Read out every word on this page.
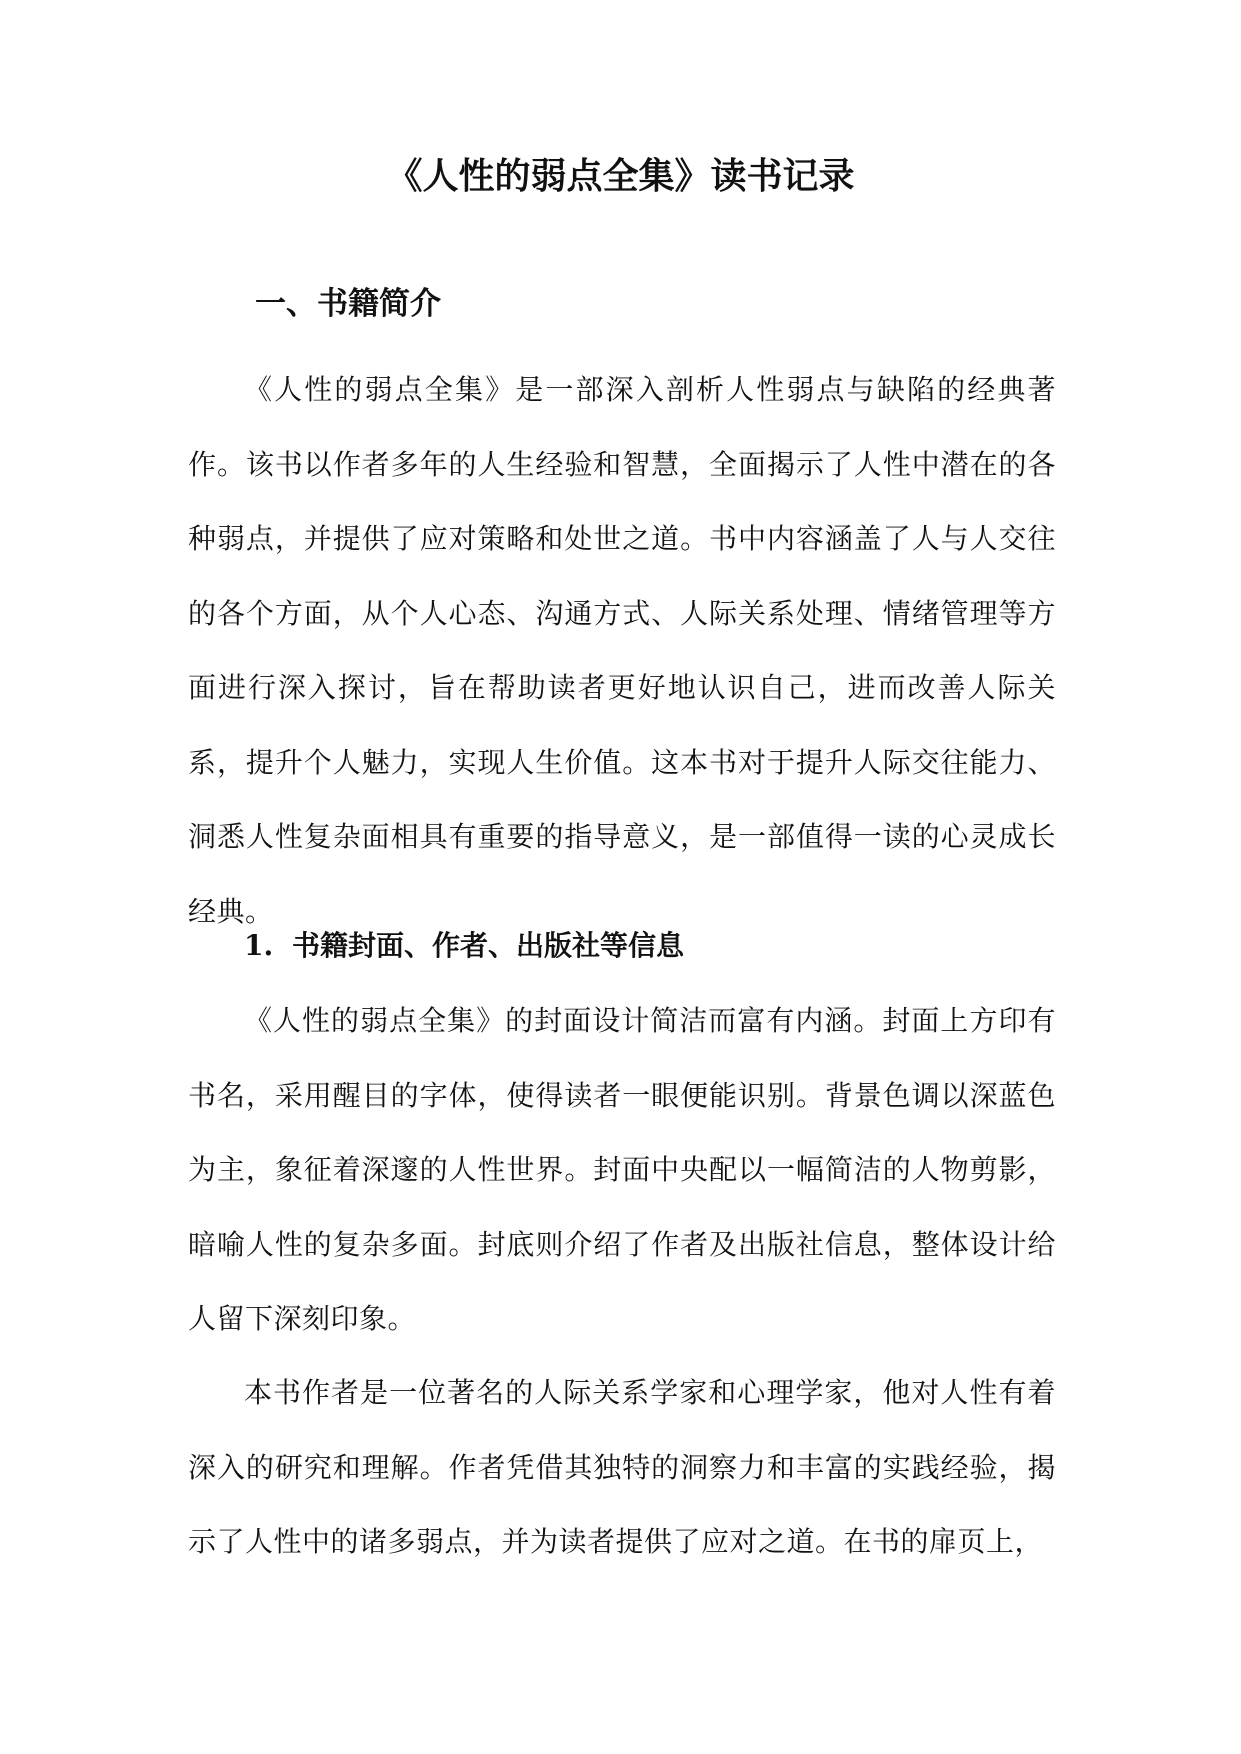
《人性的弱点全集》读书记录
一、书籍简介

《人性的弱点全集》是一部深入剖析人性弱点与缺陷的经典著作。该书以作者多年的人生经验和智慧，全面揭示了人性中潜在的各种弱点，并提供了应对策略和处世之道。书中内容涵盖了人与人交往的各个方面，从个人心态、沟通方式、人际关系处理、情绪管理等方面进行深入探讨，旨在帮助读者更好地认识自己，进而改善人际关系，提升个人魅力，实现人生价值。这本书对于提升人际交往能力、洞悉人性复杂面相具有重要的指导意义，是一部值得一读的心灵成长经典。

1. 书籍封面、作者、出版社等信息

《人性的弱点全集》的封面设计简洁而富有内涵。封面上方印有书名，采用醒目的字体，使得读者一眼便能识别。背景色调以深蓝色为主，象征着深邃的人性世界。封面中央配以一幅简洁的人物剪影，暗喻人性的复杂多面。封底则介绍了作者及出版社信息，整体设计给人留下深刻印象。

本书作者是一位著名的人际关系学家和心理学家，他对人性有着深入的研究和理解。作者凭借其独特的洞察力和丰富的实践经验，揭示了人性中的诸多弱点，并为读者提供了应对之道。在书的扉页上，
